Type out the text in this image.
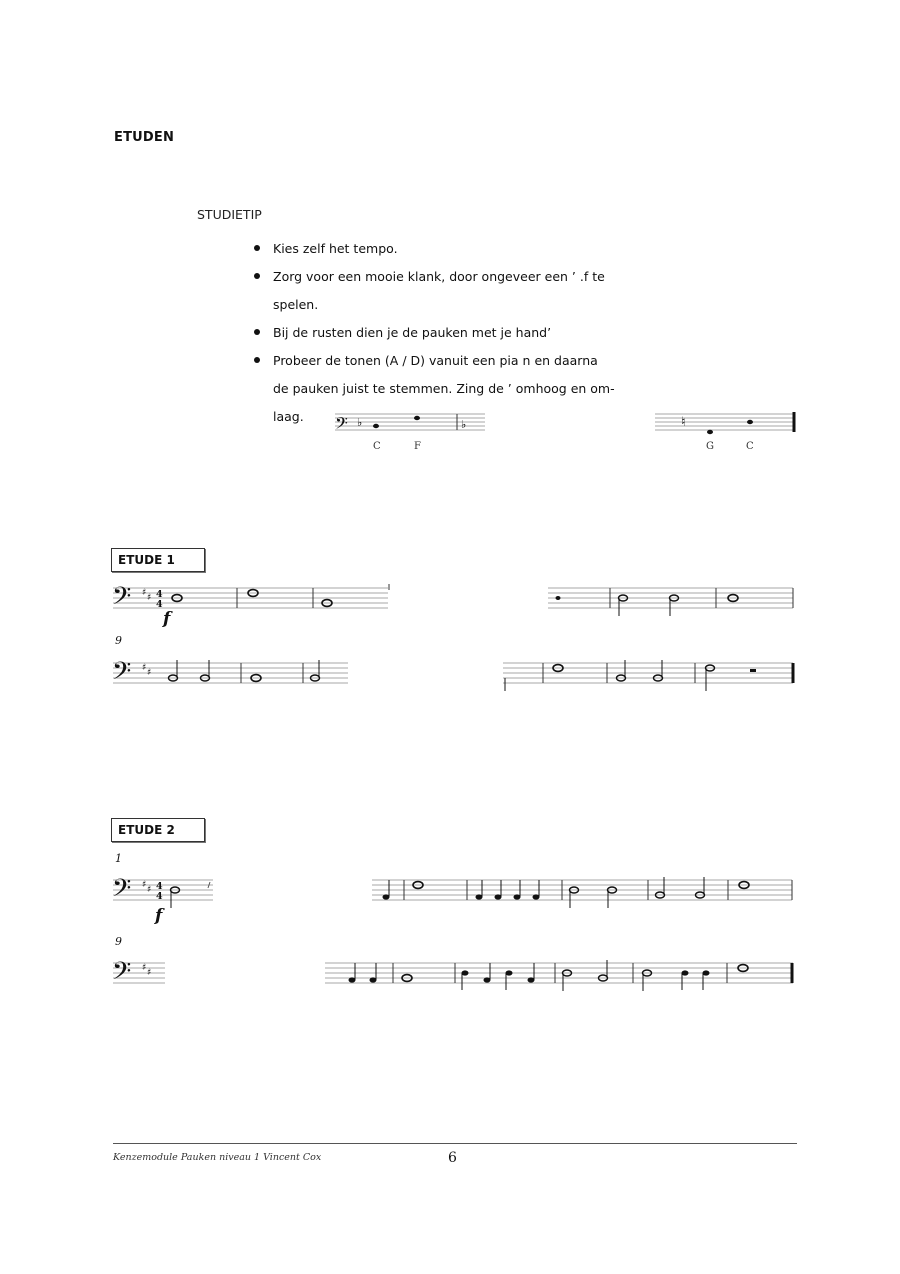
ETUDEN
STUDIETIP
Kies zelf het tempo.
Zorg voor een mooie klank, door ongeveer een ’ .f te
spelen.
Bij de rusten dien je de pauken met je hand’
Probeer de tonen (A / D) vanuit een pia n en daarna
de pauken juist te stemmen. Zing de ’ omhoog en om-
laag.	𝄢 ♭	♭
C	F
♮
G	C
ETUDE 1
𝄢 ♯ ♯ 4
4
f
9
𝄢 ♯ ♯
ETUDE 2
1
𝄢 ♯ ♯ 4
4
f
9
𝄢 ♯ ♯
Kenzemodule Pauken niveau 1 Vincent Cox	6
